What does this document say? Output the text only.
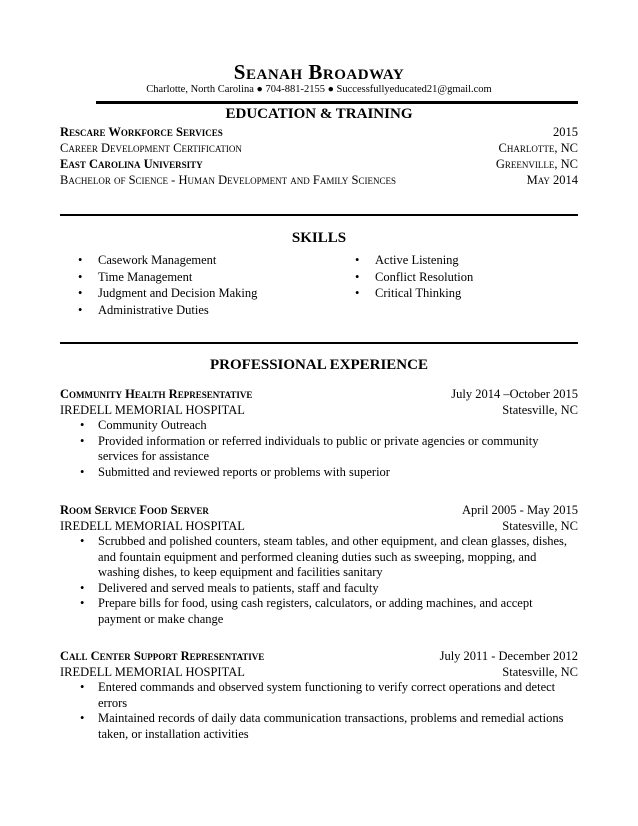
Seanah Broadway
Charlotte, North Carolina ● 704-881-2155 ● Successfullyeducated21@gmail.com
EDUCATION & TRAINING
Rescare Workforce Services	2015
Career Development Certification	Charlotte, NC
East Carolina University	Greenville, NC
Bachelor of Science - Human Development and Family Sciences	May 2014
SKILLS
• Casework Management
• Time Management
• Judgment and Decision Making
• Administrative Duties
• Active Listening
• Conflict Resolution
• Critical Thinking
PROFESSIONAL EXPERIENCE
Community Health Representative	July 2014 –October 2015
IREDELL MEMORIAL HOSPITAL	Statesville, NC
• Community Outreach
• Provided information or referred individuals to public or private agencies or community services for assistance
• Submitted and reviewed reports or problems with superior
Room Service Food Server	April 2005 - May 2015
IREDELL MEMORIAL HOSPITAL	Statesville, NC
• Scrubbed and polished counters, steam tables, and other equipment, and clean glasses, dishes, and fountain equipment and performed cleaning duties such as sweeping, mopping, and washing dishes, to keep equipment and facilities sanitary
• Delivered and served meals to patients, staff and faculty
• Prepare bills for food, using cash registers, calculators, or adding machines, and accept payment or make change
Call Center Support Representative	July 2011 - December 2012
IREDELL MEMORIAL HOSPITAL	Statesville, NC
• Entered commands and observed system functioning to verify correct operations and detect errors
• Maintained records of daily data communication transactions, problems and remedial actions taken, or installation activities
